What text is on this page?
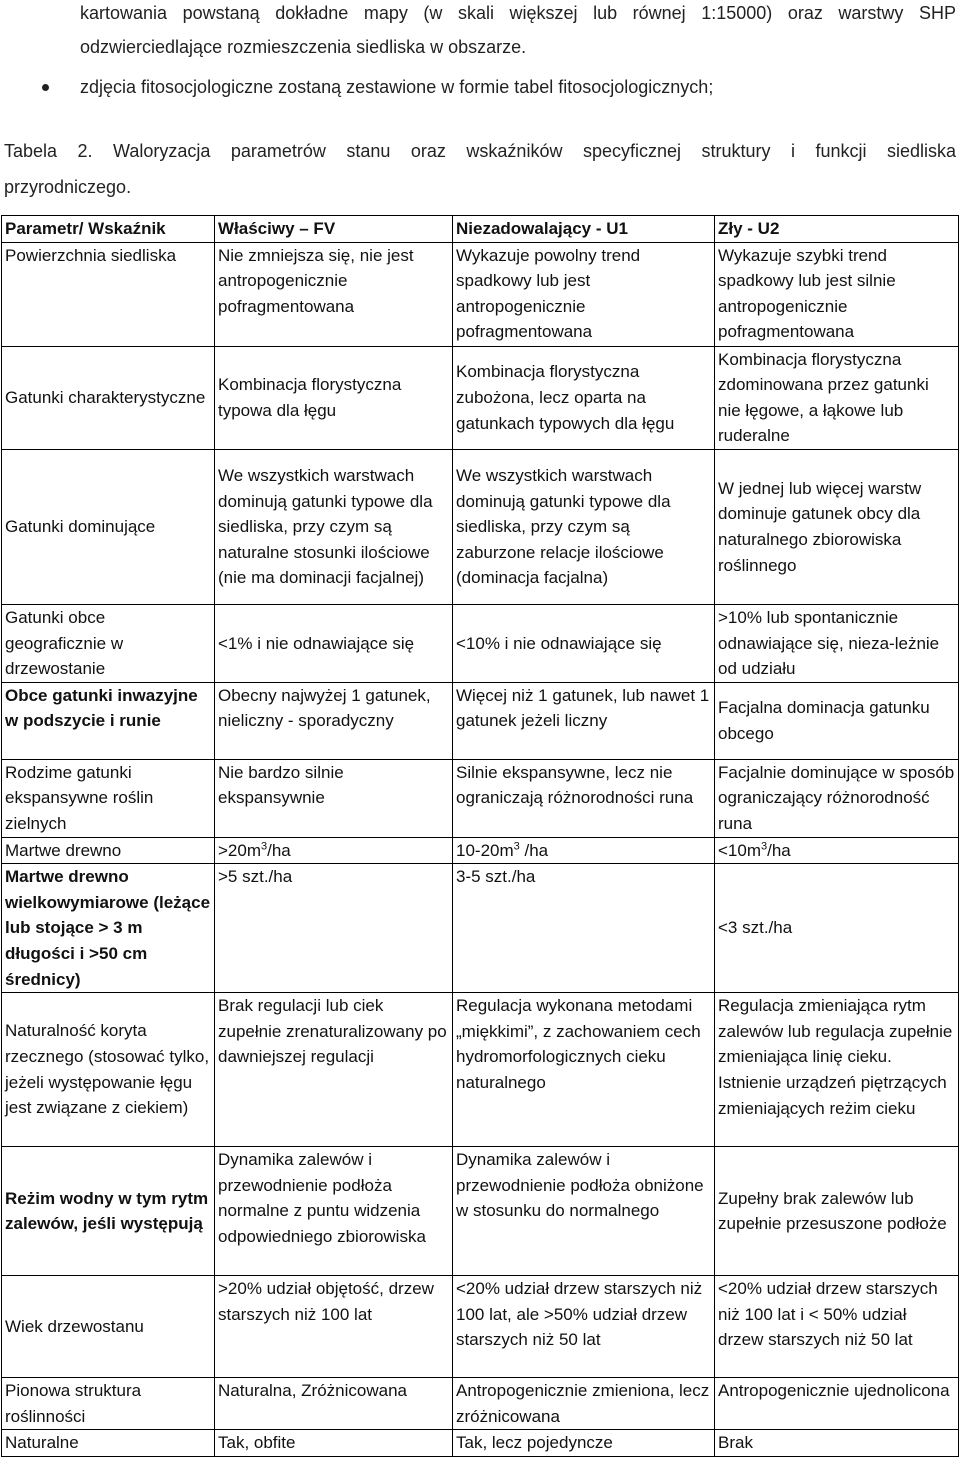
kartowania powstaną dokładne mapy (w skali większej lub równej 1:15000) oraz warstwy SHP
odzwierciedlające rozmieszczenia siedliska w obszarze.
zdjęcia fitosocjologiczne zostaną zestawione w formie tabel fitosocjologicznych;
Tabela 2. Waloryzacja parametrów stanu oraz wskaźników specyficznej struktury i funkcji siedliska
przyrodniczego.
Parametr/ Wskaźnik	Właściwy – FV	Niezadowalający - U1	Zły - U2
Powierzchnia siedliska	Nie zmniejsza się, nie jest antropogenicznie pofragmentowana	Wykazuje powolny trend spadkowy lub jest antropogenicznie pofragmentowana	Wykazuje szybki trend spadkowy lub jest silnie antropogenicznie pofragmentowana
Gatunki charakterystyczne	Kombinacja florystyczna typowa dla łęgu	Kombinacja florystyczna zubożona, lecz oparta na gatunkach typowych dla łęgu	Kombinacja florystyczna zdominowana przez gatunki nie łęgowe, a łąkowe lub ruderalne
Gatunki dominujące	We wszystkich warstwach dominują gatunki typowe dla siedliska, przy czym są naturalne stosunki ilościowe (nie ma dominacji facjalnej)	We wszystkich warstwach dominują gatunki typowe dla siedliska, przy czym są zaburzone relacje ilościowe (dominacja facjalna)	W jednej lub więcej warstw dominuje gatunek obcy dla naturalnego zbiorowiska roślinnego
Gatunki obce geograficznie w drzewostanie	<1% i nie odnawiające się	<10% i nie odnawiające się	>10% lub spontanicznie odnawiające się, nieza-leżnie od udziału
Obce gatunki inwazyjne w podszycie i runie	Obecny najwyżej 1 gatunek, nieliczny - sporadyczny	Więcej niż 1 gatunek, lub nawet 1 gatunek jeżeli liczny	Facjalna dominacja gatunku obcego
Rodzime gatunki ekspansywne roślin zielnych	Nie bardzo silnie ekspansywnie	Silnie ekspansywne, lecz nie ograniczają różnorodności runa	Facjalnie dominujące w sposób ograniczający różnorodność runa
Martwe drewno	$>20m^3/ha$	$10-20m^3$ /ha	$<10m^3/ha$
Martwe drewno wielkowymiarowe (leżące lub stojące > 3 m długości i >50 cm średnicy)	>5 szt./ha	3-5 szt./ha	<3 szt./ha
Naturalność koryta rzecznego (stosować tylko, jeżeli występowanie łęgu jest związane z ciekiem)	Brak regulacji lub ciek zupełnie zrenaturalizowany po dawniejszej regulacji	Regulacja wykonana metodami „miękkimi”, z zachowaniem cech hydromorfologicznych cieku naturalnego	Regulacja zmieniająca rytm zalewów lub regulacja zupełnie zmieniająca linię cieku. Istnienie urządzeń piętrzących zmieniających reżim cieku
Reżim wodny w tym rytm zalewów, jeśli występują	Dynamika zalewów i przewodnienie podłoża normalne z puntu widzenia odpowiedniego zbiorowiska	Dynamika zalewów i przewodnienie podłoża obniżone w stosunku do normalnego	Zupełny brak zalewów lub zupełnie przesuszone podłoże
Wiek drzewostanu	>20% udział objętość, drzew starszych niż 100 lat	<20% udział drzew starszych niż 100 lat, ale >50% udział drzew starszych niż 50 lat	<20% udział drzew starszych niż 100 lat i < 50% udział drzew starszych niż 50 lat
Pionowa struktura roślinności	Naturalna, Zróżnicowana	Antropogenicznie zmieniona, lecz zróżnicowana	Antropogenicznie ujednolicona
Naturalne	Tak, obfite	Tak, lecz pojedyncze	Brak
